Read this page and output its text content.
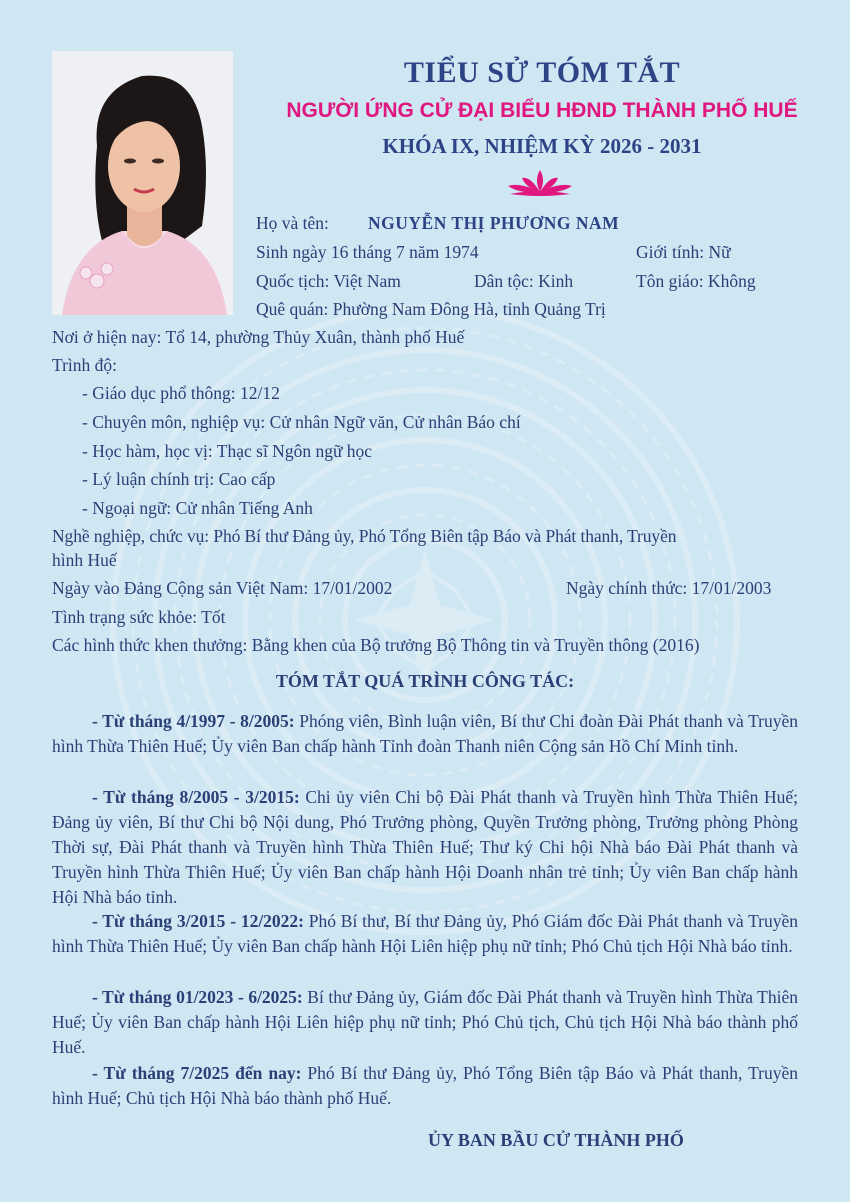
TIỂU SỬ TÓM TẮT
NGƯỜI ỨNG CỬ ĐẠI BIỂU HĐND THÀNH PHỐ HUẾ
KHÓA IX, NHIỆM KỲ 2026 - 2031
Họ và tên: NGUYỄN THỊ PHƯƠNG NAM
Sinh ngày 16 tháng 7 năm 1974	Giới tính: Nữ
Quốc tịch: Việt Nam	Dân tộc: Kinh	Tôn giáo: Không
Quê quán: Phường Nam Đông Hà, tỉnh Quảng Trị
Nơi ở hiện nay: Tổ 14, phường Thủy Xuân, thành phố Huế
Trình độ:
- Giáo dục phổ thông: 12/12
- Chuyên môn, nghiệp vụ: Cử nhân Ngữ văn, Cử nhân Báo chí
- Học hàm, học vị: Thạc sĩ Ngôn ngữ học
- Lý luận chính trị: Cao cấp
- Ngoại ngữ: Cử nhân Tiếng Anh
Nghề nghiệp, chức vụ: Phó Bí thư Đảng ủy, Phó Tổng Biên tập Báo và Phát thanh, Truyền
hình Huế
Ngày vào Đảng Cộng sản Việt Nam: 17/01/2002	Ngày chính thức: 17/01/2003
Tình trạng sức khỏe: Tốt
Các hình thức khen thưởng: Bằng khen của Bộ trưởng Bộ Thông tin và Truyền thông (2016)
TÓM TẮT QUÁ TRÌNH CÔNG TÁC:
- Từ tháng 4/1997 - 8/2005: Phóng viên, Bình luận viên, Bí thư Chi đoàn Đài Phát thanh và Truyền hình Thừa Thiên Huế; Ủy viên Ban chấp hành Tỉnh đoàn Thanh niên Cộng sản Hồ Chí Minh tỉnh.
- Từ tháng 8/2005 - 3/2015: Chi ủy viên Chi bộ Đài Phát thanh và Truyền hình Thừa Thiên Huế; Đảng ủy viên, Bí thư Chi bộ Nội dung, Phó Trưởng phòng, Quyền Trưởng phòng, Trưởng phòng Phòng Thời sự, Đài Phát thanh và Truyền hình Thừa Thiên Huế; Thư ký Chi hội Nhà báo Đài Phát thanh và Truyền hình Thừa Thiên Huế; Ủy viên Ban chấp hành Hội Doanh nhân trẻ tỉnh; Ủy viên Ban chấp hành Hội Nhà báo tỉnh.
- Từ tháng 3/2015 - 12/2022: Phó Bí thư, Bí thư Đảng ủy, Phó Giám đốc Đài Phát thanh và Truyền hình Thừa Thiên Huế; Ủy viên Ban chấp hành Hội Liên hiệp phụ nữ tỉnh; Phó Chủ tịch Hội Nhà báo tỉnh.
- Từ tháng 01/2023 - 6/2025: Bí thư Đảng ủy, Giám đốc Đài Phát thanh và Truyền hình Thừa Thiên Huế; Ủy viên Ban chấp hành Hội Liên hiệp phụ nữ tỉnh; Phó Chủ tịch, Chủ tịch Hội Nhà báo thành phố Huế.
- Từ tháng 7/2025 đến nay: Phó Bí thư Đảng ủy, Phó Tổng Biên tập Báo và Phát thanh, Truyền hình Huế; Chủ tịch Hội Nhà báo thành phố Huế.
ỦY BAN BẦU CỬ THÀNH PHỐ
